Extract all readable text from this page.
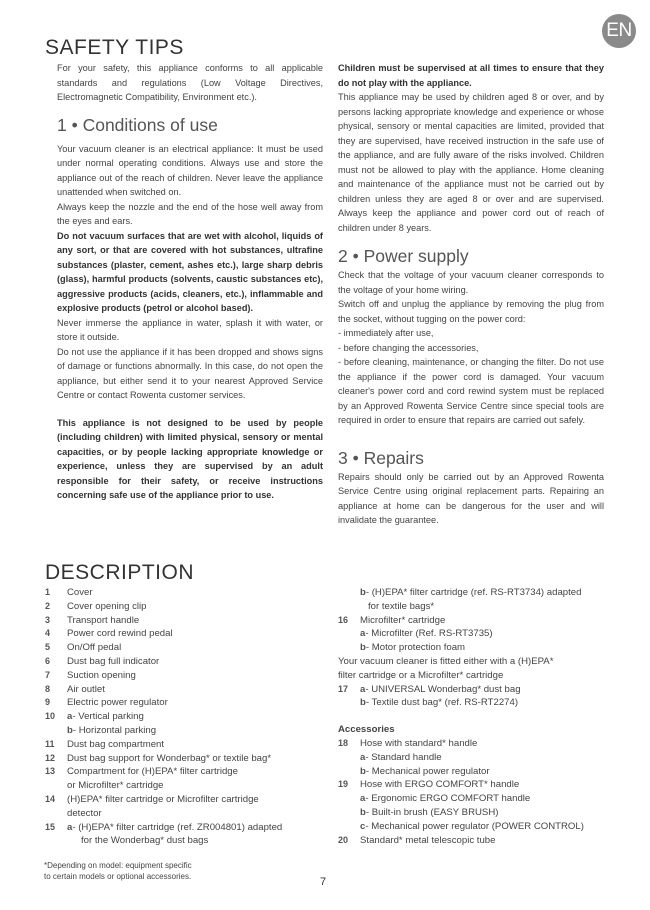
EN
SAFETY TIPS

For your safety, this appliance conforms to all applicable standards and regulations (Low Voltage Directives, Electromagnetic Compatibility, Environment etc.).

1 • Conditions of use

Your vacuum cleaner is an electrical appliance: It must be used under normal operating conditions. Always use and store the appliance out of the reach of children. Never leave the appliance unattended when switched on.

Always keep the nozzle and the end of the hose well away from the eyes and ears.

Do not vacuum surfaces that are wet with alcohol, liquids of any sort, or that are covered with hot substances, ultrafine substances (plaster, cement, ashes etc.), large sharp debris (glass), harmful products (solvents, caustic substances etc), aggressive products (acids, cleaners, etc.), inflammable and explosive products (petrol or alcohol based).

Never immerse the appliance in water, splash it with water, or store it outside.

Do not use the appliance if it has been dropped and shows signs of damage or functions abnormally. In this case, do not open the appliance, but either send it to your nearest Approved Service Centre or contact Rowenta customer services.

This appliance is not designed to be used by people (including children) with limited physical, sensory or mental capacities, or by people lacking appropriate knowledge or experience, unless they are supervised by an adult responsible for their safety, or receive instructions concerning safe use of the appliance prior to use.

Children must be supervised at all times to ensure that they do not play with the appliance.

This appliance may be used by children aged 8 or over, and by persons lacking appropriate knowledge and experience or whose physical, sensory or mental capacities are limited, provided that they are supervised, have received instruction in the safe use of the appliance, and are fully aware of the risks involved. Children must not be allowed to play with the appliance. Home cleaning and maintenance of the appliance must not be carried out by children unless they are aged 8 or over and are supervised. Always keep the appliance and power cord out of reach of children under 8 years.

2 • Power supply

Check that the voltage of your vacuum cleaner corresponds to the voltage of your home wiring.

Switch off and unplug the appliance by removing the plug from the socket, without tugging on the power cord:

- immediately after use,

- before changing the accessories,

- before cleaning, maintenance, or changing the filter. Do not use the appliance if the power cord is damaged. Your vacuum cleaner's power cord and cord rewind system must be replaced by an Approved Rowenta Service Centre since special tools are required in order to ensure that repairs are carried out safely.

3 • Repairs

Repairs should only be carried out by an Approved Rowenta Service Centre using original replacement parts. Repairing an appliance at home can be dangerous for the user and will invalidate the guarantee.

DESCRIPTION
1	Cover
2	Cover opening clip
3	Transport handle
4	Power cord rewind pedal
5	On/Off pedal
6	Dust bag full indicator
7	Suction opening
8	Air outlet
9	Electric power regulator
10	a - Vertical parking
b - Horizontal parking
11	Dust bag compartment
12	Dust bag support for Wonderbag* or textile bag*
13	Compartment for (H)EPA* filter cartridge
or Microfilter* cartridge
14	(H)EPA* filter cartridge or Microfilter cartridge
detector
15	a - (H)EPA* filter cartridge (ref. ZR004801) adapted
for the Wonderbag* dust bags
b - (H)EPA* filter cartridge (ref. RS-RT3734) adapted
for textile bags*
16	Microfilter* cartridge
a - Microfilter (Ref. RS-RT3735)
b - Motor protection foam
Your vacuum cleaner is fitted either with a (H)EPA*
filter cartridge or a Microfilter* cartridge
17	a - UNIVERSAL Wonderbag* dust bag
b - Textile dust bag* (ref. RS-RT2274)
Accessories
18	Hose with standard* handle
a - Standard handle
b - Mechanical power regulator
19	Hose with ERGO COMFORT* handle
a - Ergonomic ERGO COMFORT handle
b - Built-in brush (EASY BRUSH)
c - Mechanical power regulator (POWER CONTROL)
20	Standard* metal telescopic tube
*Depending on model: equipment specific
to certain models or optional accessories.	7
